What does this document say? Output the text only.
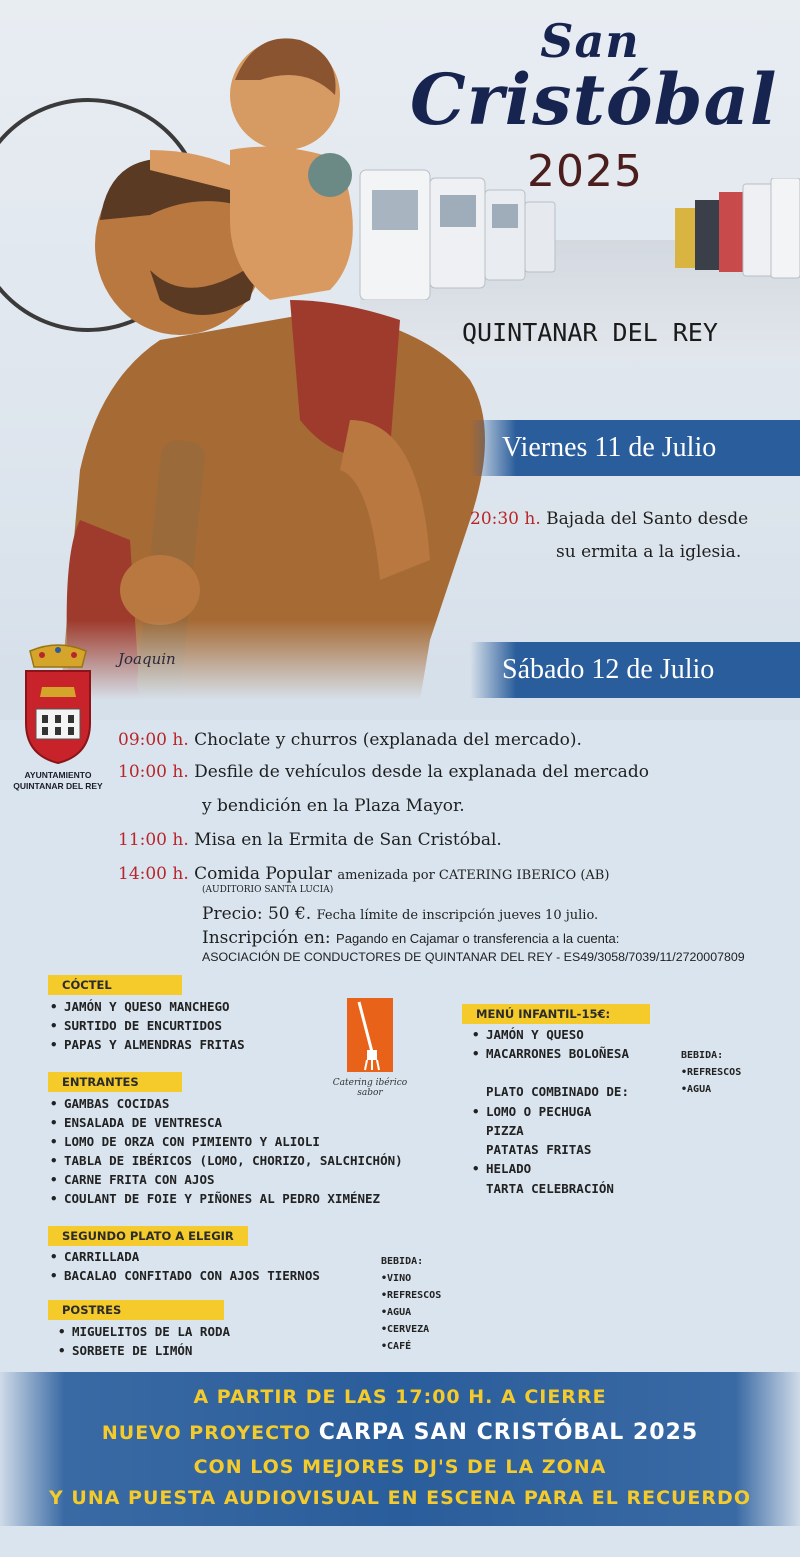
San
Cristóbal
2025
QUINTANAR DEL REY
Viernes 11 de Julio
20:30 h. Bajada del Santo desde
su ermita a la iglesia.
Sábado 12 de Julio
Joaquin
AYUNTAMIENTO
QUINTANAR DEL REY
09:00 h. Choclate y churros (explanada del mercado).
10:00 h. Desfile de vehículos desde la explanada del mercado
y bendición en la Plaza Mayor.
11:00 h. Misa en la Ermita de San Cristóbal.
14:00 h. Comida Popular amenizada por CATERING IBERICO (AB)
(AUDITORIO SANTA LUCIA)
Precio: 50 €. Fecha límite de inscripción jueves 10 julio.
Inscripción en: Pagando en Cajamar o transferencia a la cuenta:
ASOCIACIÓN DE CONDUCTORES DE QUINTANAR DEL REY - ES49/3058/7039/11/2720007809
CÓCTEL
• JAMÓN Y QUESO MANCHEGO
• SURTIDO DE ENCURTIDOS
• PAPAS Y ALMENDRAS FRITAS
Catering ibérico sabor
ENTRANTES
• GAMBAS COCIDAS
• ENSALADA DE VENTRESCA
• LOMO DE ORZA CON PIMIENTO Y ALIOLI
• TABLA DE IBÉRICOS (LOMO, CHORIZO, SALCHICHÓN)
• CARNE FRITA CON AJOS
• COULANT DE FOIE Y PIÑONES AL PEDRO XIMÉNEZ
SEGUNDO PLATO A ELEGIR
• CARRILLADA
• BACALAO CONFITADO CON AJOS TIERNOS
POSTRES
• MIGUELITOS DE LA RODA
• SORBETE DE LIMÓN
BEBIDA:
•VINO
•REFRESCOS
•AGUA
•CERVEZA
•CAFÉ
MENÚ INFANTIL-15€:
• JAMÓN Y QUESO
• MACARRONES BOLOÑESA
PLATO COMBINADO DE:
• LOMO O PECHUGA
PIZZA
PATATAS FRITAS
• HELADO
TARTA CELEBRACIÓN
BEBIDA:
•REFRESCOS
•AGUA
A PARTIR DE LAS 17:00 H. A CIERRE
NUEVO PROYECTO CARPA SAN CRISTÓBAL 2025
CON LOS MEJORES DJ'S DE LA ZONA
Y UNA PUESTA AUDIOVISUAL EN ESCENA PARA EL RECUERDO
